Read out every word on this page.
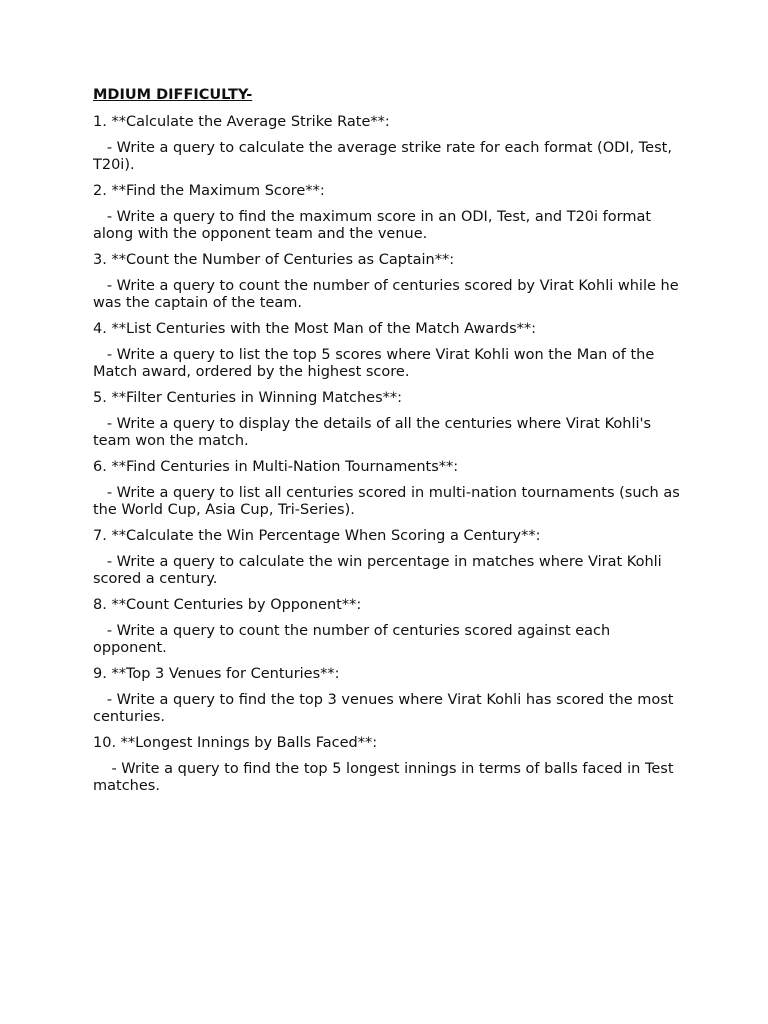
MDIUM DIFFICULTY-
1. **Calculate the Average Strike Rate**:
- Write a query to calculate the average strike rate for each format (ODI, Test, T20i).
2. **Find the Maximum Score**:
- Write a query to find the maximum score in an ODI, Test, and T20i format along with the opponent team and the venue.
3. **Count the Number of Centuries as Captain**:
- Write a query to count the number of centuries scored by Virat Kohli while he was the captain of the team.
4. **List Centuries with the Most Man of the Match Awards**:
- Write a query to list the top 5 scores where Virat Kohli won the Man of the Match award, ordered by the highest score.
5. **Filter Centuries in Winning Matches**:
- Write a query to display the details of all the centuries where Virat Kohli's team won the match.
6. **Find Centuries in Multi-Nation Tournaments**:
- Write a query to list all centuries scored in multi-nation tournaments (such as the World Cup, Asia Cup, Tri-Series).
7. **Calculate the Win Percentage When Scoring a Century**:
- Write a query to calculate the win percentage in matches where Virat Kohli scored a century.
8. **Count Centuries by Opponent**:
- Write a query to count the number of centuries scored against each opponent.
9. **Top 3 Venues for Centuries**:
- Write a query to find the top 3 venues where Virat Kohli has scored the most centuries.
10. **Longest Innings by Balls Faced**:
- Write a query to find the top 5 longest innings in terms of balls faced in Test matches.
